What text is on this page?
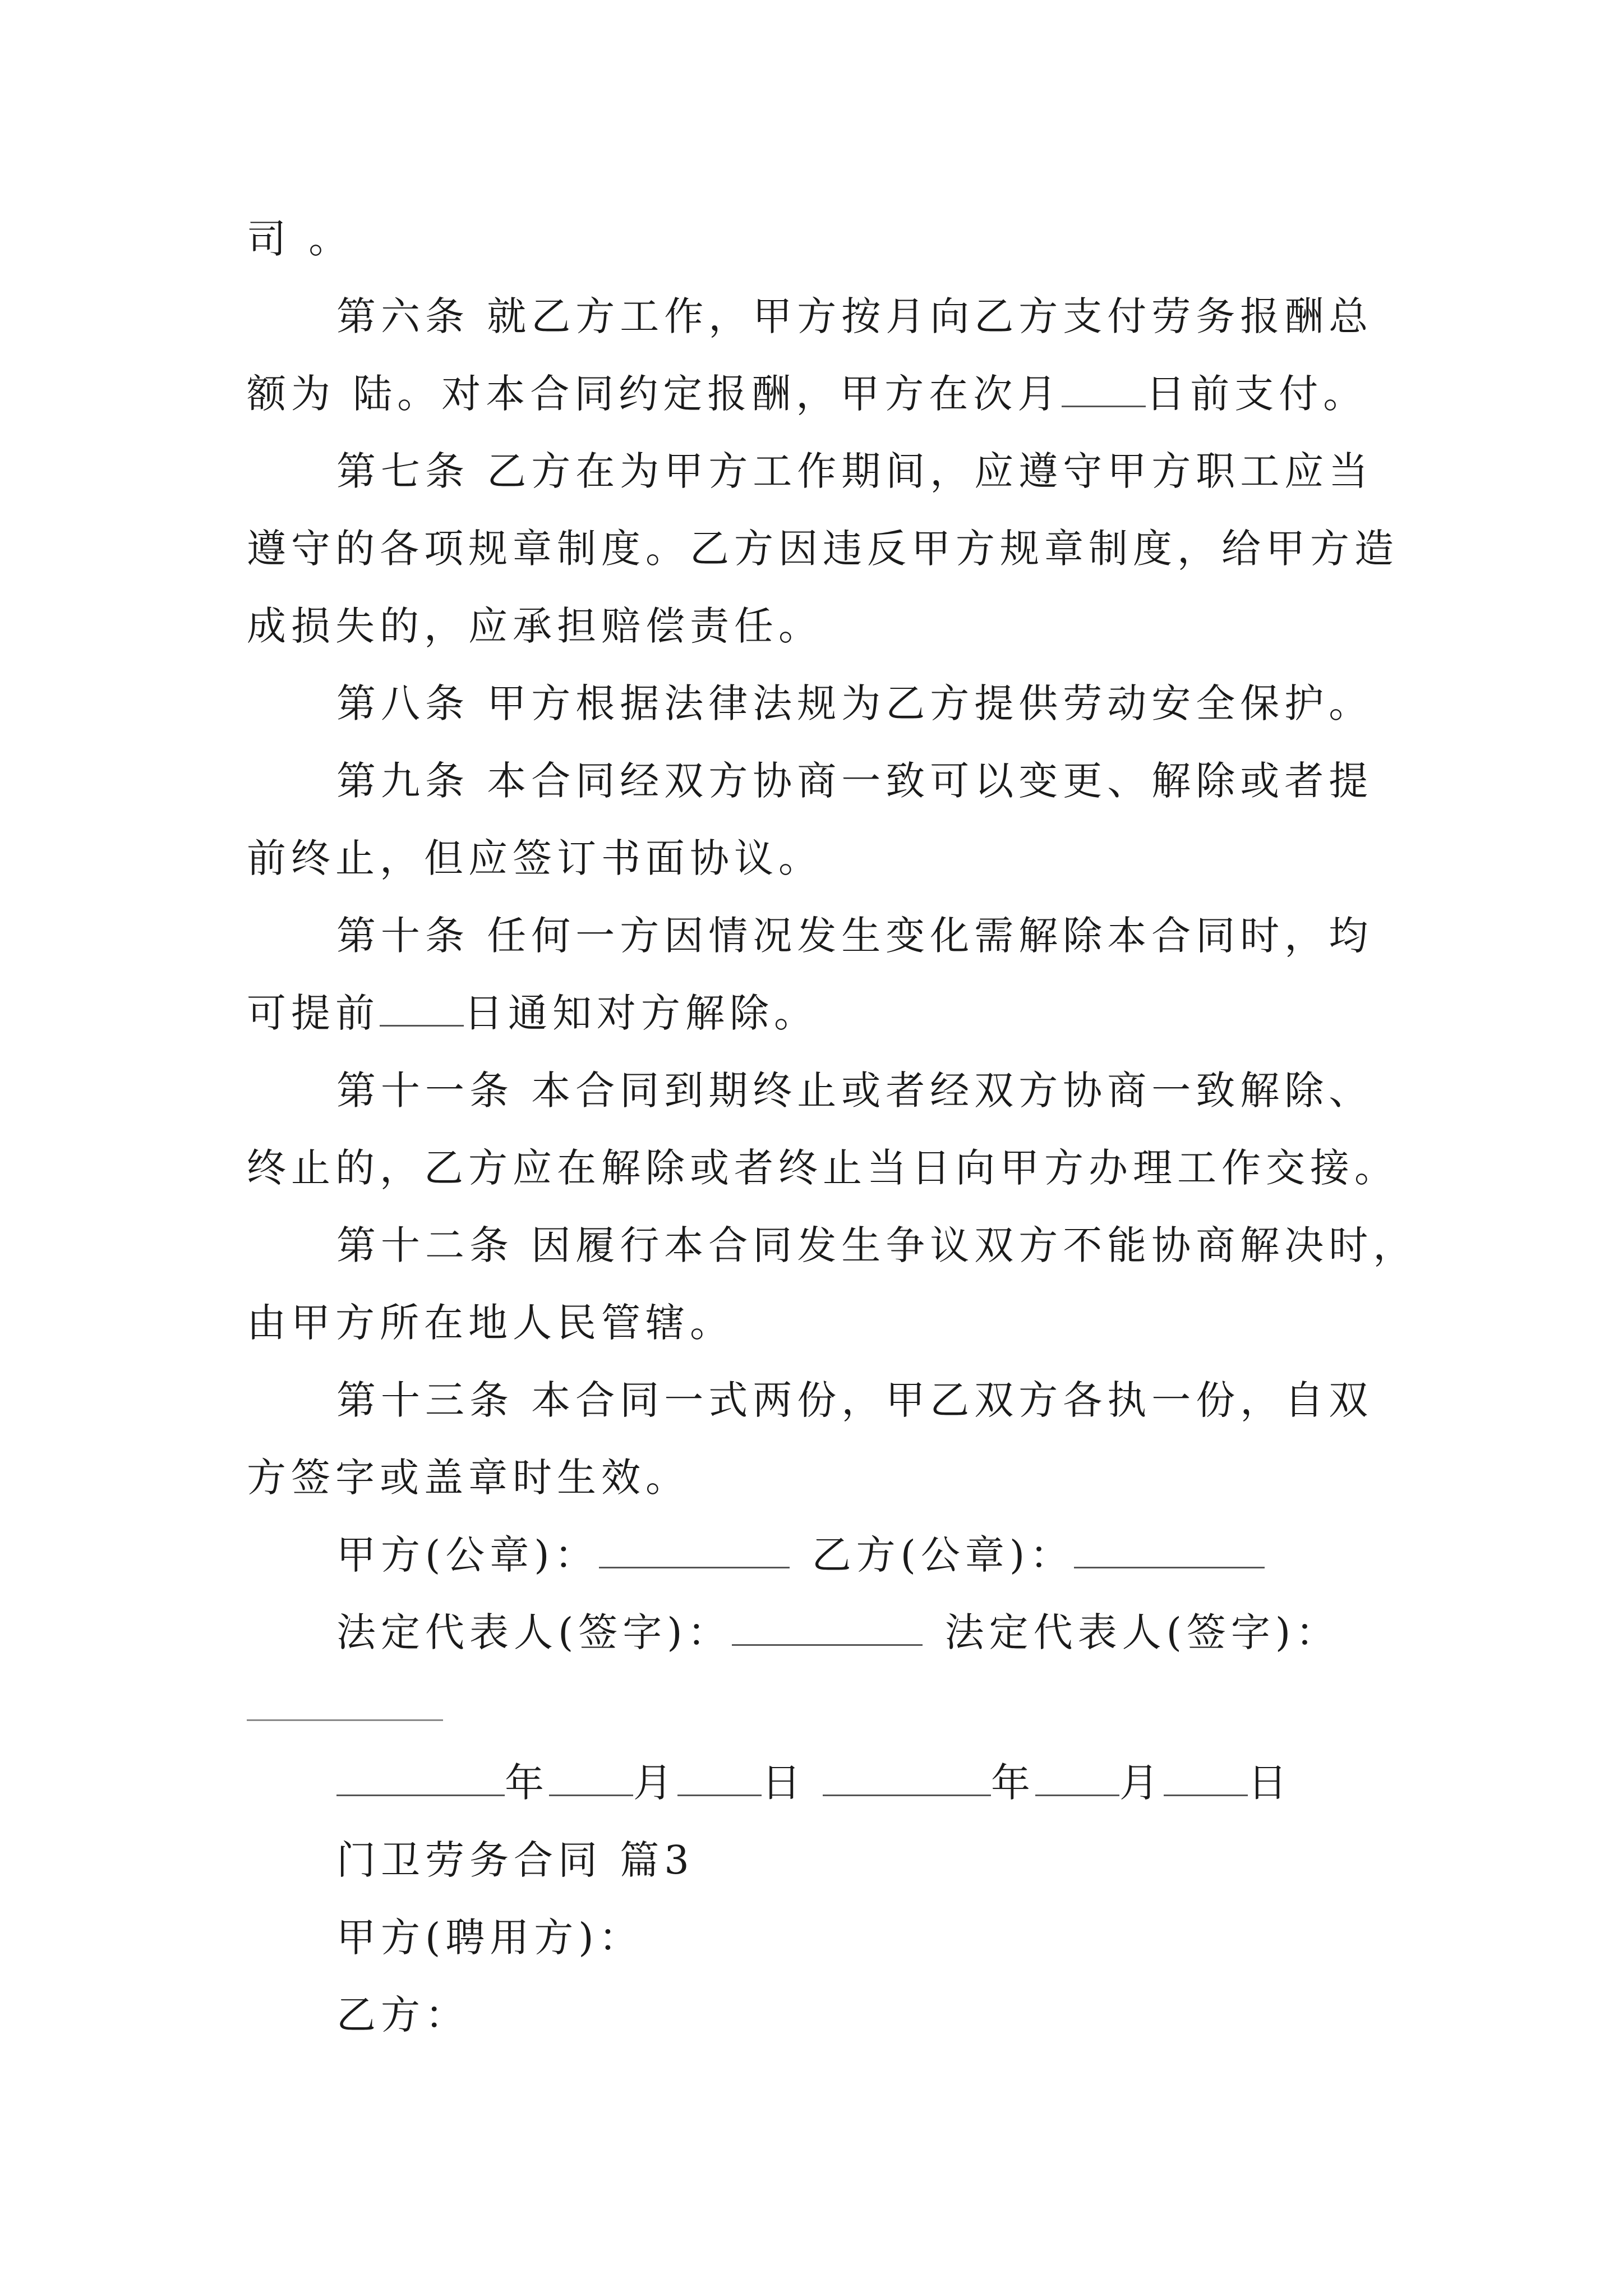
司 。
第六条 就乙方工作，甲方按月向乙方支付劳务报酬总
额为 陆。对本合同约定报酬，甲方在次月 日前支付。
第七条 乙方在为甲方工作期间，应遵守甲方职工应当
遵守的各项规章制度。乙方因违反甲方规章制度，给甲方造
成损失的，应承担赔偿责任。
第八条 甲方根据法律法规为乙方提供劳动安全保护。
第九条 本合同经双方协商一致可以变更、解除或者提
前终止，但应签订书面协议。
第十条 任何一方因情况发生变化需解除本合同时，均
可提前 日通知对方解除。
第十一条 本合同到期终止或者经双方协商一致解除、
终止的，乙方应在解除或者终止当日向甲方办理工作交接。
第十二条 因履行本合同发生争议双方不能协商解决时，
由甲方所在地人民管辖。
第十三条 本合同一式两份，甲乙双方各执一份，自双
方签字或盖章时生效。
甲方(公章)：	乙方(公章)：
法定代表人(签字)：	法定代表人(签字)：
年 月 日	年 月 日
门卫劳务合同 篇3
甲方(聘用方)：
乙方：
